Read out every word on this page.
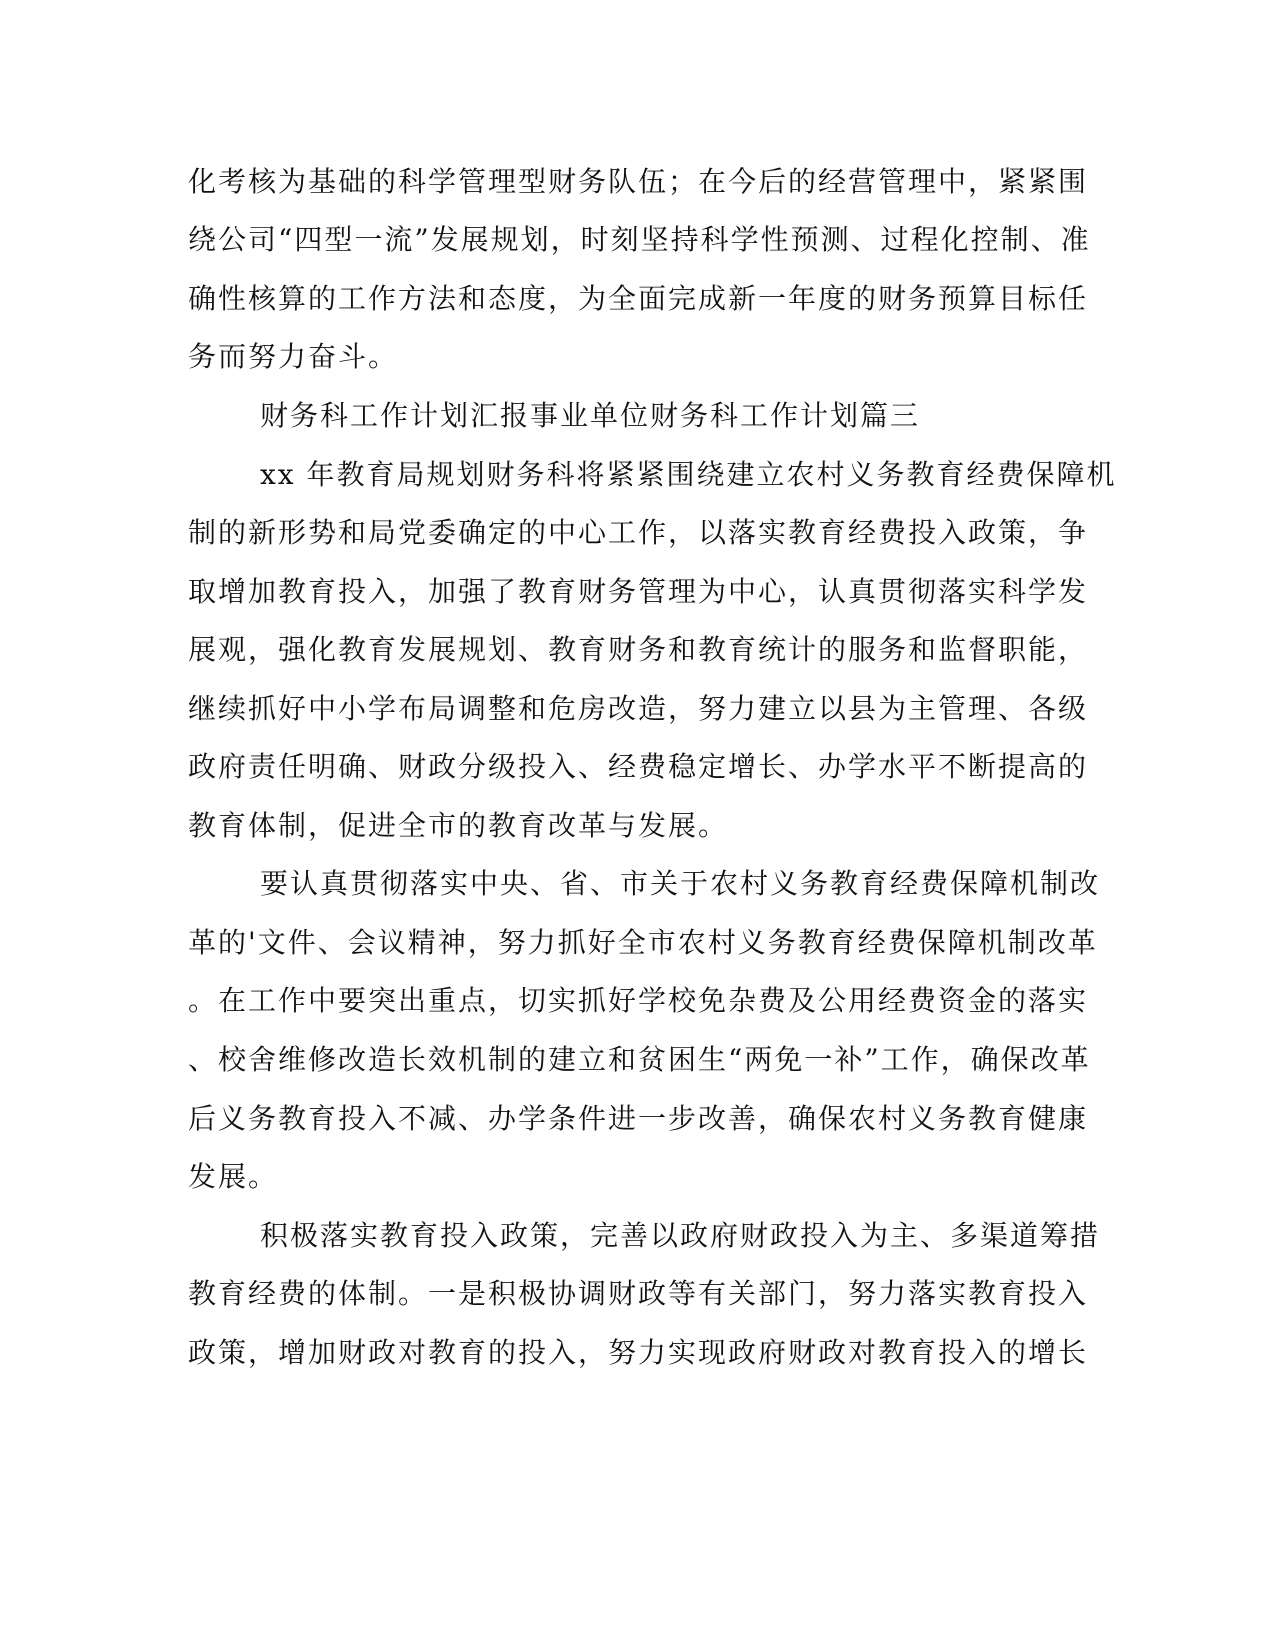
化考核为基础的科学管理型财务队伍；在今后的经营管理中，紧紧围
绕公司“四型一流”发展规划，时刻坚持科学性预测、过程化控制、准
确性核算的工作方法和态度，为全面完成新一年度的财务预算目标任
务而努力奋斗。
财务科工作计划汇报事业单位财务科工作计划篇三
xx 年教育局规划财务科将紧紧围绕建立农村义务教育经费保障机
制的新形势和局党委确定的中心工作，以落实教育经费投入政策，争
取增加教育投入，加强了教育财务管理为中心，认真贯彻落实科学发
展观，强化教育发展规划、教育财务和教育统计的服务和监督职能，
继续抓好中小学布局调整和危房改造，努力建立以县为主管理、各级
政府责任明确、财政分级投入、经费稳定增长、办学水平不断提高的
教育体制，促进全市的教育改革与发展。
要认真贯彻落实中央、省、市关于农村义务教育经费保障机制改
革的'文件、会议精神，努力抓好全市农村义务教育经费保障机制改革
。在工作中要突出重点，切实抓好学校免杂费及公用经费资金的落实
、校舍维修改造长效机制的建立和贫困生“两免一补”工作，确保改革
后义务教育投入不减、办学条件进一步改善，确保农村义务教育健康
发展。
积极落实教育投入政策，完善以政府财政投入为主、多渠道筹措
教育经费的体制。一是积极协调财政等有关部门，努力落实教育投入
政策，增加财政对教育的投入，努力实现政府财政对教育投入的增长
